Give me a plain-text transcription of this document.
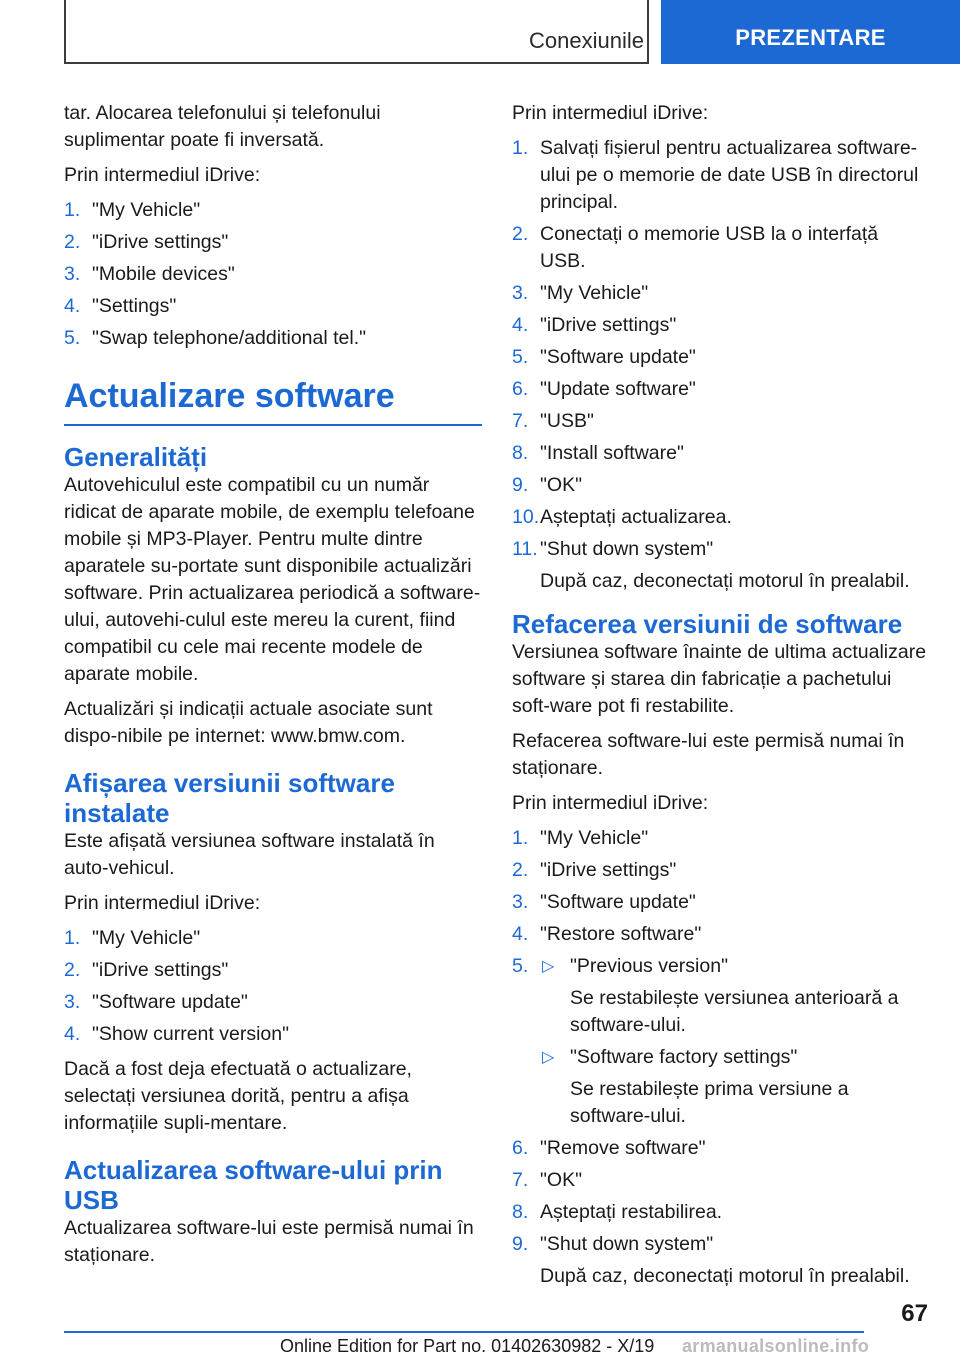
Conexiunile	PREZENTARE

tar. Alocarea telefonului și telefonului suplimentar poate fi inversată.

Prin intermediul iDrive:

1. "My Vehicle"
2. "iDrive settings"
3. "Mobile devices"
4. "Settings"
5. "Swap telephone/additional tel."
Actualizare software
Generalități

Autovehiculul este compatibil cu un număr ridicat de aparate mobile, de exemplu telefoane mobile și MP3-Player. Pentru multe dintre aparatele su-portate sunt disponibile actualizări software. Prin actualizarea periodică a software-ului, autovehi-culul este mereu la curent, fiind compatibil cu cele mai recente modele de aparate mobile.

Actualizări și indicații actuale asociate sunt dispo-nibile pe internet: www.bmw.com.

Afișarea versiunii software instalate

Este afișată versiunea software instalată în auto-vehicul.

Prin intermediul iDrive:

1. "My Vehicle"
2. "iDrive settings"
3. "Software update"
4. "Show current version"

Dacă a fost deja efectuată o actualizare, selectați versiunea dorită, pentru a afișa informațiile supli-mentare.

Actualizarea software-ului prin USB

Actualizarea software-lui este permisă numai în staționare.

Prin intermediul iDrive:

1. Salvați fișierul pentru actualizarea software-ului pe o memorie de date USB în directorul principal.
2. Conectați o memorie USB la o interfață USB.
3. "My Vehicle"
4. "iDrive settings"
5. "Software update"
6. "Update software"
7. "USB"
8. "Install software"
9. "OK"
10. Așteptați actualizarea.
11. "Shut down system"
După caz, deconectați motorul în prealabil.
Refacerea versiunii de software

Versiunea software înainte de ultima actualizare software și starea din fabricație a pachetului soft-ware pot fi restabilite.

Refacerea software-lui este permisă numai în staționare.

Prin intermediul iDrive:

1. "My Vehicle"
2. "iDrive settings"
3. "Software update"
4. "Restore software"
5. ▷ "Previous version"
Se restabilește versiunea anterioară a software-ului.
▷ "Software factory settings"
Se restabilește prima versiune a software-ului.
6. "Remove software"
7. "OK"
8. Așteptați restabilirea.
9. "Shut down system"
După caz, deconectați motorul în prealabil.
67
Online Edition for Part no. 01402630982 - X/19 armanualsonline.info
